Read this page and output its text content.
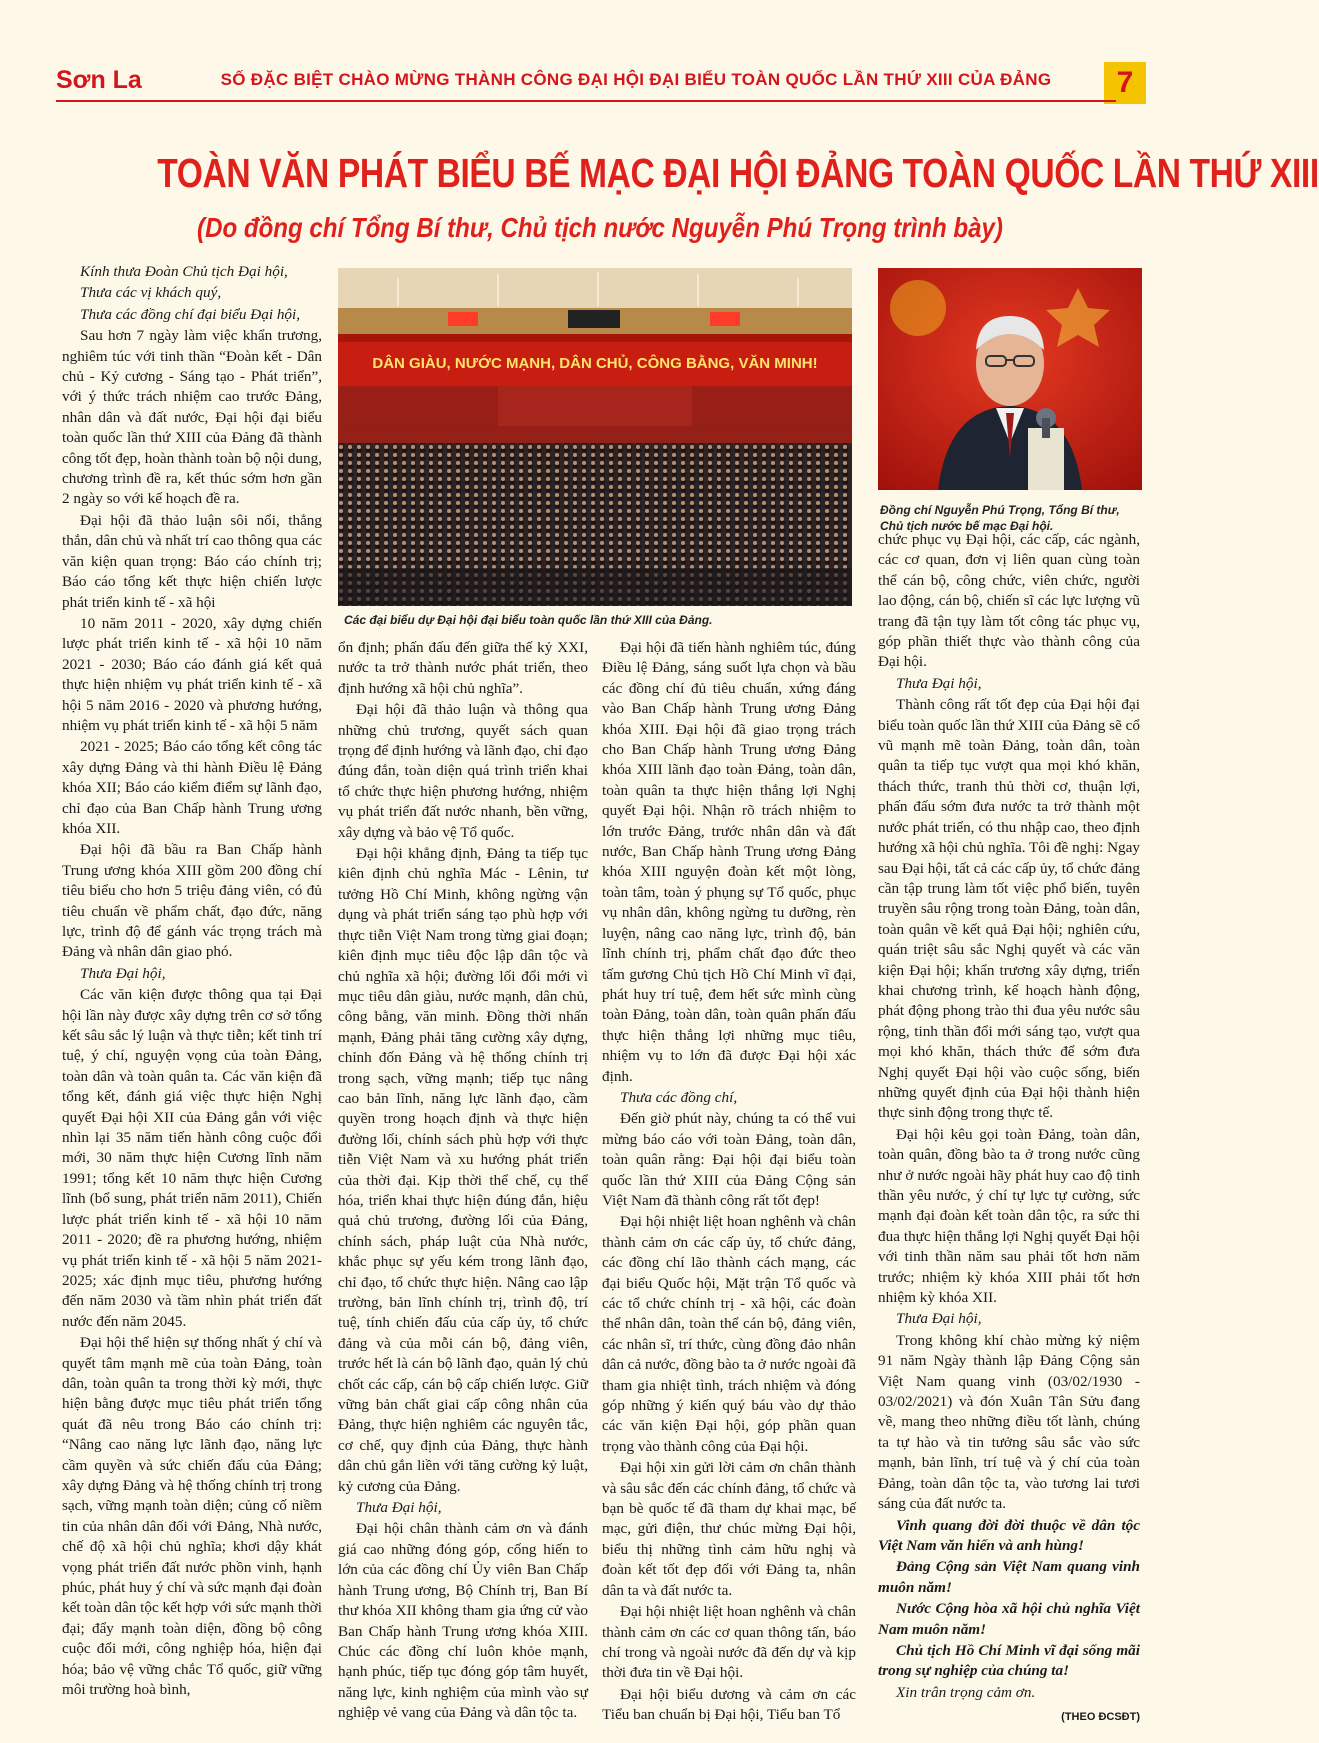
Sơn La	SỐ ĐẶC BIỆT CHÀO MỪNG THÀNH CÔNG ĐẠI HỘI ĐẠI BIỂU TOÀN QUỐC LẦN THỨ XIII CỦA ĐẢNG	7
TOÀN VĂN PHÁT BIỂU BẾ MẠC ĐẠI HỘI ĐẢNG TOÀN QUỐC LẦN THỨ XIII
(Do đồng chí Tổng Bí thư, Chủ tịch nước Nguyễn Phú Trọng trình bày)
DÂN GIÀU, NƯỚC MẠNH, DÂN CHỦ, CÔNG BẰNG, VĂN MINH!
Các đại biểu dự Đại hội đại biểu toàn quốc lần thứ XIII của Đảng.
Đồng chí Nguyễn Phú Trọng, Tổng Bí thư, Chủ tịch nước bế mạc Đại hội.

Kính thưa Đoàn Chủ tịch Đại hội,

Thưa các vị khách quý,

Thưa các đồng chí đại biểu Đại hội,

Sau hơn 7 ngày làm việc khẩn trương, nghiêm túc với tinh thần “Đoàn kết - Dân chủ - Kỷ cương - Sáng tạo - Phát triển”, với ý thức trách nhiệm cao trước Đảng, nhân dân và đất nước, Đại hội đại biểu toàn quốc lần thứ XIII của Đảng đã thành công tốt đẹp, hoàn thành toàn bộ nội dung, chương trình đề ra, kết thúc sớm hơn gần 2 ngày so với kế hoạch đề ra.

Đại hội đã thảo luận sôi nổi, thẳng thắn, dân chủ và nhất trí cao thông qua các văn kiện quan trọng: Báo cáo chính trị; Báo cáo tổng kết thực hiện chiến lược phát triển kinh tế - xã hội

10 năm 2011 - 2020, xây dựng chiến lược phát triển kinh tế - xã hội 10 năm 2021 - 2030; Báo cáo đánh giá kết quả thực hiện nhiệm vụ phát triển kinh tế - xã hội 5 năm 2016 - 2020 và phương hướng, nhiệm vụ phát triển kinh tế - xã hội 5 năm

2021 - 2025; Báo cáo tổng kết công tác xây dựng Đảng và thi hành Điều lệ Đảng khóa XII; Báo cáo kiểm điểm sự lãnh đạo, chỉ đạo của Ban Chấp hành Trung ương khóa XII.

Đại hội đã bầu ra Ban Chấp hành Trung ương khóa XIII gồm 200 đồng chí tiêu biểu cho hơn 5 triệu đảng viên, có đủ tiêu chuẩn về phẩm chất, đạo đức, năng lực, trình độ để gánh vác trọng trách mà Đảng và nhân dân giao phó.

Thưa Đại hội,

Các văn kiện được thông qua tại Đại hội lần này được xây dựng trên cơ sở tổng kết sâu sắc lý luận và thực tiễn; kết tinh trí tuệ, ý chí, nguyện vọng của toàn Đảng, toàn dân và toàn quân ta. Các văn kiện đã tổng kết, đánh giá việc thực hiện Nghị quyết Đại hội XII của Đảng gắn với việc nhìn lại 35 năm tiến hành công cuộc đổi mới, 30 năm thực hiện Cương lĩnh năm 1991; tổng kết 10 năm thực hiện Cương lĩnh (bổ sung, phát triển năm 2011), Chiến lược phát triển kinh tế - xã hội 10 năm 2011 - 2020; đề ra phương hướng, nhiệm vụ phát triển kinh tế - xã hội 5 năm 2021-2025; xác định mục tiêu, phương hướng đến năm 2030 và tầm nhìn phát triển đất nước đến năm 2045.

Đại hội thể hiện sự thống nhất ý chí và quyết tâm mạnh mẽ của toàn Đảng, toàn dân, toàn quân ta trong thời kỳ mới, thực hiện bằng được mục tiêu phát triển tổng quát đã nêu trong Báo cáo chính trị: “Nâng cao năng lực lãnh đạo, năng lực cầm quyền và sức chiến đấu của Đảng; xây dựng Đảng và hệ thống chính trị trong sạch, vững mạnh toàn diện; củng cố niềm tin của nhân dân đối với Đảng, Nhà nước, chế độ xã hội chủ nghĩa; khơi dậy khát vọng phát triển đất nước phồn vinh, hạnh phúc, phát huy ý chí và sức mạnh đại đoàn kết toàn dân tộc kết hợp với sức mạnh thời đại; đẩy mạnh toàn diện, đồng bộ công cuộc đổi mới, công nghiệp hóa, hiện đại hóa; bảo vệ vững chắc Tổ quốc, giữ vững môi trường hoà bình,

ổn định; phấn đấu đến giữa thế kỷ XXI, nước ta trở thành nước phát triển, theo định hướng xã hội chủ nghĩa”.

Đại hội đã thảo luận và thông qua những chủ trương, quyết sách quan trọng để định hướng và lãnh đạo, chỉ đạo đúng đắn, toàn diện quá trình triển khai tổ chức thực hiện phương hướng, nhiệm vụ phát triển đất nước nhanh, bền vững, xây dựng và bảo vệ Tổ quốc.

Đại hội khẳng định, Đảng ta tiếp tục kiên định chủ nghĩa Mác - Lênin, tư tưởng Hồ Chí Minh, không ngừng vận dụng và phát triển sáng tạo phù hợp với thực tiễn Việt Nam trong từng giai đoạn; kiên định mục tiêu độc lập dân tộc và chủ nghĩa xã hội; đường lối đổi mới vì mục tiêu dân giàu, nước mạnh, dân chủ, công bằng, văn minh. Đồng thời nhấn mạnh, Đảng phải tăng cường xây dựng, chỉnh đốn Đảng và hệ thống chính trị trong sạch, vững mạnh; tiếp tục nâng cao bản lĩnh, năng lực lãnh đạo, cầm quyền trong hoạch định và thực hiện đường lối, chính sách phù hợp với thực tiễn Việt Nam và xu hướng phát triển của thời đại. Kịp thời thể chế, cụ thể hóa, triển khai thực hiện đúng đắn, hiệu quả chủ trương, đường lối của Đảng, chính sách, pháp luật của Nhà nước, khắc phục sự yếu kém trong lãnh đạo, chỉ đạo, tổ chức thực hiện. Nâng cao lập trường, bản lĩnh chính trị, trình độ, trí tuệ, tính chiến đấu của cấp ủy, tổ chức đảng và của mỗi cán bộ, đảng viên, trước hết là cán bộ lãnh đạo, quản lý chủ chốt các cấp, cán bộ cấp chiến lược. Giữ vững bản chất giai cấp công nhân của Đảng, thực hiện nghiêm các nguyên tắc, cơ chế, quy định của Đảng, thực hành dân chủ gắn liền với tăng cường kỷ luật, kỷ cương của Đảng.

Thưa Đại hội,

Đại hội chân thành cảm ơn và đánh giá cao những đóng góp, cống hiến to lớn của các đồng chí Ủy viên Ban Chấp hành Trung ương, Bộ Chính trị, Ban Bí thư khóa XII không tham gia ứng cử vào Ban Chấp hành Trung ương khóa XIII. Chúc các đồng chí luôn khỏe mạnh, hạnh phúc, tiếp tục đóng góp tâm huyết, năng lực, kinh nghiệm của mình vào sự nghiệp vẻ vang của Đảng và dân tộc ta.

Đại hội đã tiến hành nghiêm túc, đúng Điều lệ Đảng, sáng suốt lựa chọn và bầu các đồng chí đủ tiêu chuẩn, xứng đáng vào Ban Chấp hành Trung ương Đảng khóa XIII. Đại hội đã giao trọng trách cho Ban Chấp hành Trung ương Đảng khóa XIII lãnh đạo toàn Đảng, toàn dân, toàn quân ta thực hiện thắng lợi Nghị quyết Đại hội. Nhận rõ trách nhiệm to lớn trước Đảng, trước nhân dân và đất nước, Ban Chấp hành Trung ương Đảng khóa XIII nguyện đoàn kết một lòng, toàn tâm, toàn ý phụng sự Tổ quốc, phục vụ nhân dân, không ngừng tu dưỡng, rèn luyện, nâng cao năng lực, trình độ, bản lĩnh chính trị, phẩm chất đạo đức theo tấm gương Chủ tịch Hồ Chí Minh vĩ đại, phát huy trí tuệ, đem hết sức mình cùng toàn Đảng, toàn dân, toàn quân phấn đấu thực hiện thắng lợi những mục tiêu, nhiệm vụ to lớn đã được Đại hội xác định.

Thưa các đồng chí,

Đến giờ phút này, chúng ta có thể vui mừng báo cáo với toàn Đảng, toàn dân, toàn quân rằng: Đại hội đại biểu toàn quốc lần thứ XIII của Đảng Cộng sản Việt Nam đã thành công rất tốt đẹp!

Đại hội nhiệt liệt hoan nghênh và chân thành cảm ơn các cấp ủy, tổ chức đảng, các đồng chí lão thành cách mạng, các đại biểu Quốc hội, Mặt trận Tổ quốc và các tổ chức chính trị - xã hội, các đoàn thể nhân dân, toàn thể cán bộ, đảng viên, các nhân sĩ, trí thức, cùng đồng đảo nhân dân cả nước, đồng bào ta ở nước ngoài đã tham gia nhiệt tình, trách nhiệm và đóng góp những ý kiến quý báu vào dự thảo các văn kiện Đại hội, góp phần quan trọng vào thành công của Đại hội.

Đại hội xin gửi lời cảm ơn chân thành và sâu sắc đến các chính đảng, tổ chức và bạn bè quốc tế đã tham dự khai mạc, bế mạc, gửi điện, thư chúc mừng Đại hội, biểu thị những tình cảm hữu nghị và đoàn kết tốt đẹp đối với Đảng ta, nhân dân ta và đất nước ta.

Đại hội nhiệt liệt hoan nghênh và chân thành cảm ơn các cơ quan thông tấn, báo chí trong và ngoài nước đã đến dự và kịp thời đưa tin về Đại hội.

Đại hội biểu dương và cảm ơn các Tiểu ban chuẩn bị Đại hội, Tiểu ban Tổ

chức phục vụ Đại hội, các cấp, các ngành, các cơ quan, đơn vị liên quan cùng toàn thể cán bộ, công chức, viên chức, người lao động, cán bộ, chiến sĩ các lực lượng vũ trang đã tận tụy làm tốt công tác phục vụ, góp phần thiết thực vào thành công của Đại hội.

Thưa Đại hội,

Thành công rất tốt đẹp của Đại hội đại biểu toàn quốc lần thứ XIII của Đảng sẽ cổ vũ mạnh mẽ toàn Đảng, toàn dân, toàn quân ta tiếp tục vượt qua mọi khó khăn, thách thức, tranh thủ thời cơ, thuận lợi, phấn đấu sớm đưa nước ta trở thành một nước phát triển, có thu nhập cao, theo định hướng xã hội chủ nghĩa. Tôi đề nghị: Ngay sau Đại hội, tất cả các cấp ủy, tổ chức đảng cần tập trung làm tốt việc phổ biến, tuyên truyền sâu rộng trong toàn Đảng, toàn dân, toàn quân về kết quả Đại hội; nghiên cứu, quán triệt sâu sắc Nghị quyết và các văn kiện Đại hội; khẩn trương xây dựng, triển khai chương trình, kế hoạch hành động, phát động phong trào thi đua yêu nước sâu rộng, tinh thần đổi mới sáng tạo, vượt qua mọi khó khăn, thách thức để sớm đưa Nghị quyết Đại hội vào cuộc sống, biến những quyết định của Đại hội thành hiện thực sinh động trong thực tế.

Đại hội kêu gọi toàn Đảng, toàn dân, toàn quân, đồng bào ta ở trong nước cũng như ở nước ngoài hãy phát huy cao độ tinh thần yêu nước, ý chí tự lực tự cường, sức mạnh đại đoàn kết toàn dân tộc, ra sức thi đua thực hiện thắng lợi Nghị quyết Đại hội với tinh thần năm sau phải tốt hơn năm trước; nhiệm kỳ khóa XIII phải tốt hơn nhiệm kỳ khóa XII.

Thưa Đại hội,

Trong không khí chào mừng kỷ niệm 91 năm Ngày thành lập Đảng Cộng sản Việt Nam quang vinh (03/02/1930 - 03/02/2021) và đón Xuân Tân Sửu đang về, mang theo những điều tốt lành, chúng ta tự hào và tin tưởng sâu sắc vào sức mạnh, bản lĩnh, trí tuệ và ý chí của toàn Đảng, toàn dân tộc ta, vào tương lai tươi sáng của đất nước ta.

Vinh quang đời đời thuộc về dân tộc Việt Nam văn hiến và anh hùng!

Đảng Cộng sản Việt Nam quang vinh muôn năm!

Nước Cộng hòa xã hội chủ nghĩa Việt Nam muôn năm!

Chủ tịch Hồ Chí Minh vĩ đại sống mãi trong sự nghiệp của chúng ta!

Xin trân trọng cảm ơn.

(THEO ĐCSĐT)
